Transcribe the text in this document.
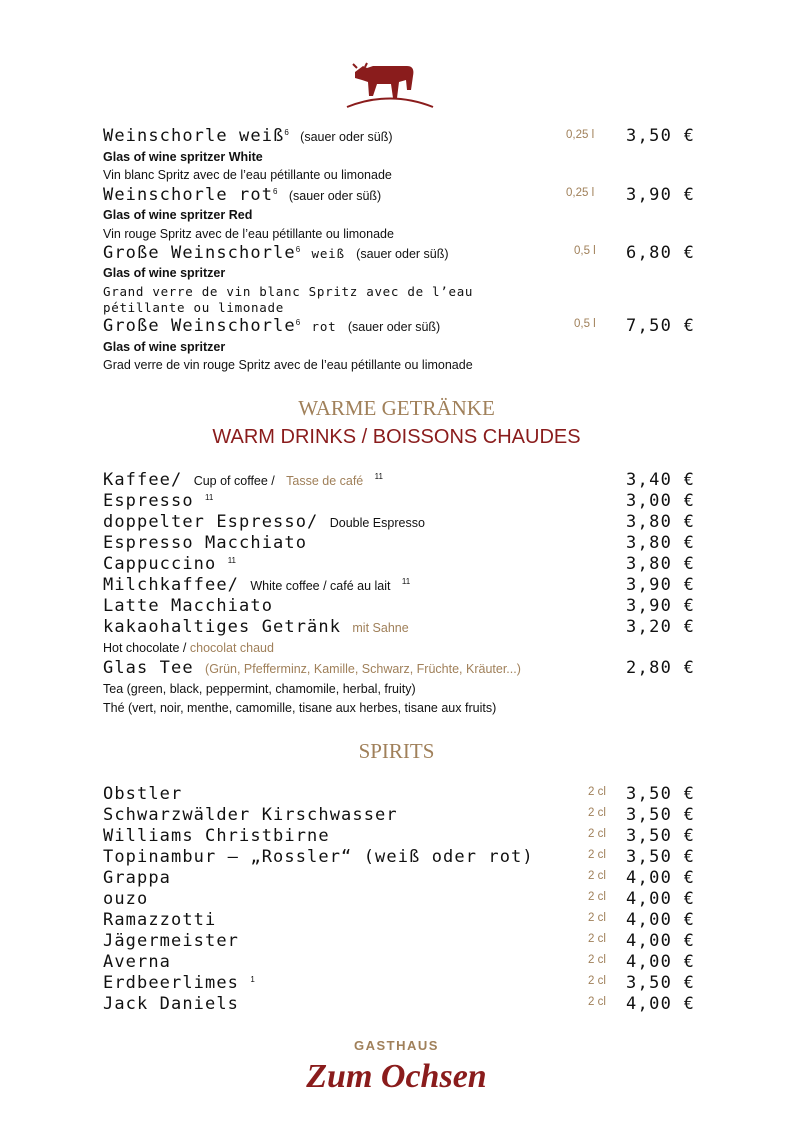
Weinschorle weiß$^6$ (sauer oder süß)	0,25 l 3,50 €
Glas of wine spritzer White
Vin blanc Spritz avec de l’eau pétillante ou limonade
Weinschorle rot$^6$ (sauer oder süß)	0,25 l 3,90 €
Glas of wine spritzer Red
Vin rouge Spritz avec de l’eau pétillante ou limonade
Große Weinschorle$^6$ weiß (sauer oder süß)	0,5 l 6,80 €
Glas of wine spritzer
Grand verre de vin blanc Spritz avec de l’eau
pétillante ou limonade
Große Weinschorle$^6$ rot (sauer oder süß)	0,5 l 7,50 €
Glas of wine spritzer
Grad verre de vin rouge Spritz avec de l’eau pétillante ou limonade
WARME GETRÄNKE
WARM DRINKS / BOISSONS CHAUDES
Kaffee/ Cup of coffee / Tasse de café $^{11}$	3,40 €
Espresso $^{11}$	3,00 €
doppelter Espresso/ Double Espresso	3,80 €
Espresso Macchiato	3,80 €
Cappuccino $^{11}$	3,80 €
Milchkaffee/ White coffee / café au lait $^{11}$	3,90 €
Latte Macchiato	3,90 €
kakaohaltiges Getränk mit Sahne	3,20 €
Hot chocolate / chocolat chaud
Glas Tee (Grün, Pfefferminz, Kamille, Schwarz, Früchte, Kräuter...)	2,80 €
Tea (green, black, peppermint, chamomile, herbal, fruity)
Thé (vert, noir, menthe, camomille, tisane aux herbes, tisane aux fruits)
SPIRITS
Obstler	2 cl 3,50 €
Schwarzwälder Kirschwasser	2 cl 3,50 €
Williams Christbirne	2 cl 3,50 €
Topinambur – „Rossler“ (weiß oder rot)	2 cl 3,50 €
Grappa	2 cl 4,00 €
ouzo	2 cl 4,00 €
Ramazzotti	2 cl 4,00 €
Jägermeister	2 cl 4,00 €
Averna	2 cl 4,00 €
Erdbeerlimes $^1$	2 cl 3,50 €
Jack Daniels	2 cl 4,00 €
GASTHAUS
Zum Ochsen
